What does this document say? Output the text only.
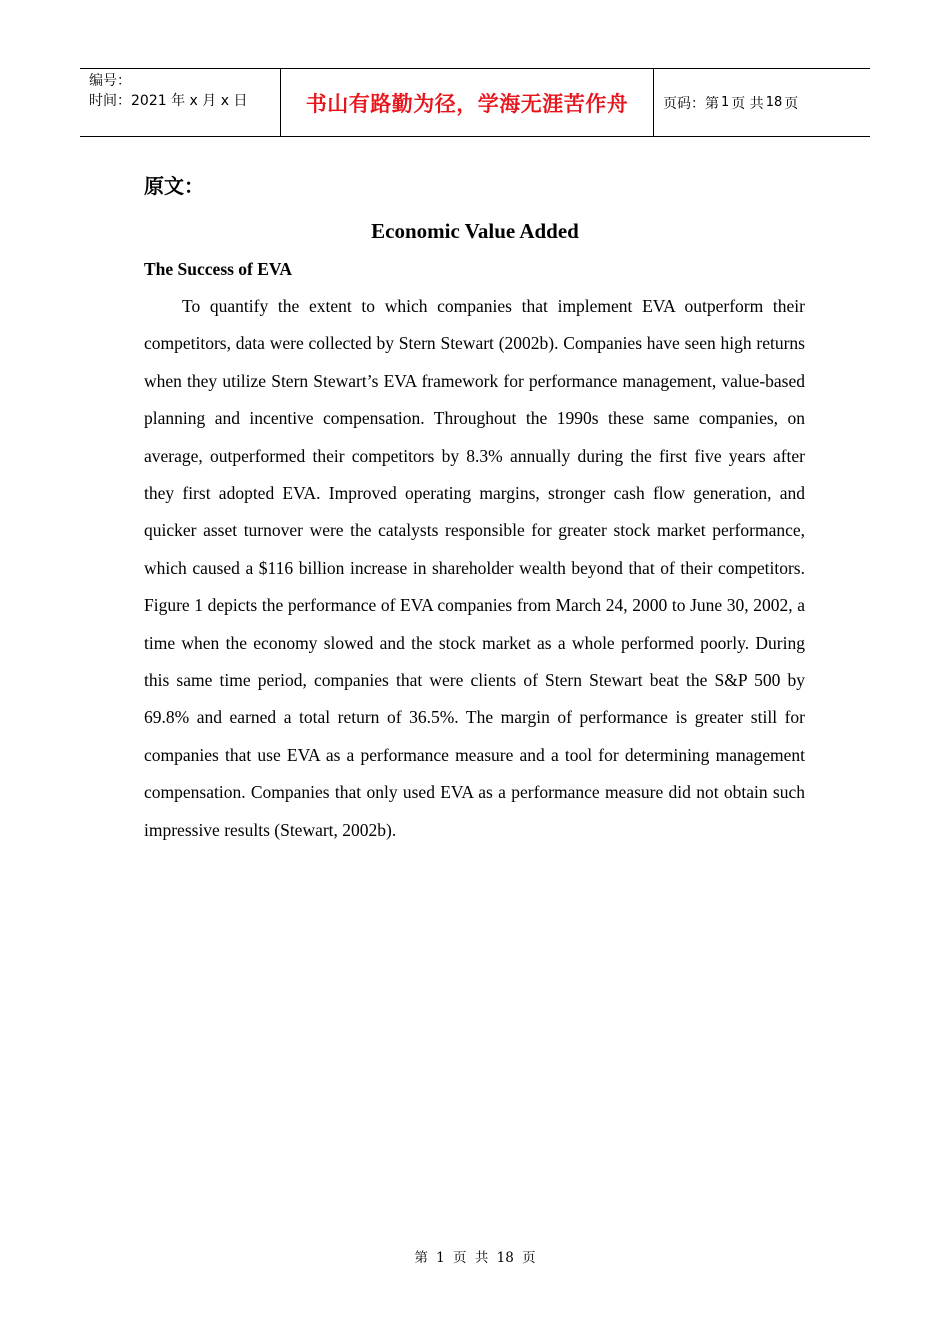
编号：
时间：2021 年 x 月 x 日	书山有路勤为径，学海无涯苦作舟	页码：第 1 页 共 18 页
原文：
Economic Value Added
The Success of EVA

To quantify the extent to which companies that implement EVA outperform their competitors, data were collected by Stern Stewart (2002b). Companies have seen high returns when they utilize Stern Stewart’s EVA framework for performance management, value-based planning and incentive compensation. Throughout the 1990s these same companies, on average, outperformed their competitors by 8.3% annually during the first five years after they first adopted EVA. Improved operating margins, stronger cash flow generation, and quicker asset turnover were the catalysts responsible for greater stock market performance, which caused a $116 billion increase in shareholder wealth beyond that of their competitors. Figure 1 depicts the performance of EVA companies from March 24, 2000 to June 30, 2002, a time when the economy slowed and the stock market as a whole performed poorly. During this same time period, companies that were clients of Stern Stewart beat the S&P 500 by 69.8% and earned a total return of 36.5%. The margin of performance is greater still for companies that use EVA as a performance measure and a tool for determining management compensation. Companies that only used EVA as a performance measure did not obtain such impressive results (Stewart, 2002b).

第 1 页 共 18 页
